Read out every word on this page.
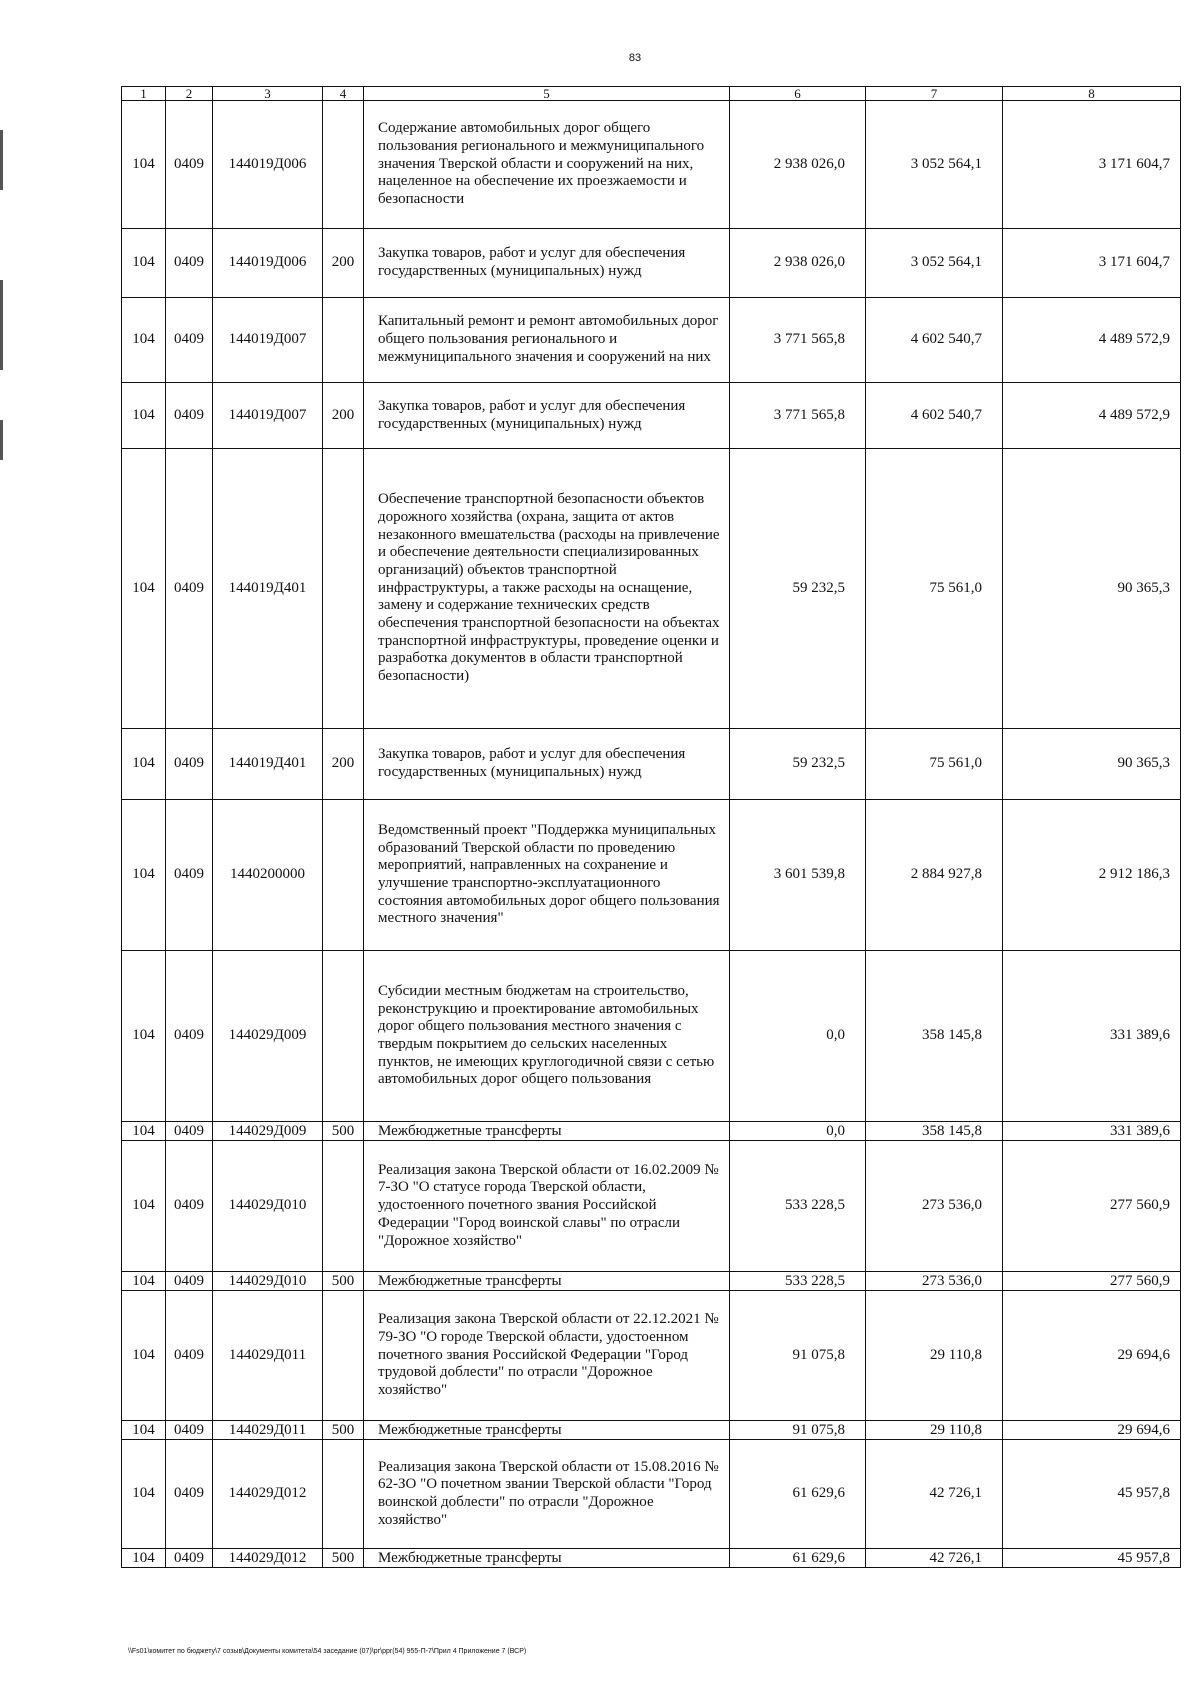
83
1	2	3	4	5	6	7	8
104	0409	144019Д006		Содержание автомобильных дорог общего пользования регионального и межмуниципального значения Тверской области и сооружений на них, нацеленное на обеспечение их проезжаемости и безопасности	2 938 026,0	3 052 564,1	3 171 604,7
104	0409	144019Д006	200	Закупка товаров, работ и услуг для обеспечения государственных (муниципальных) нужд	2 938 026,0	3 052 564,1	3 171 604,7
104	0409	144019Д007		Капитальный ремонт и ремонт автомобильных дорог общего пользования регионального и межмуниципального значения и сооружений на них	3 771 565,8	4 602 540,7	4 489 572,9
104	0409	144019Д007	200	Закупка товаров, работ и услуг для обеспечения государственных (муниципальных) нужд	3 771 565,8	4 602 540,7	4 489 572,9
104	0409	144019Д401		Обеспечение транспортной безопасности объектов дорожного хозяйства (охрана, защита от актов незаконного вмешательства (расходы на привлечение и обеспечение деятельности специализированных организаций) объектов транспортной инфраструктуры, а также расходы на оснащение, замену и содержание технических средств обеспечения транспортной безопасности на объектах транспортной инфраструктуры, проведение оценки и разработка документов в области транспортной безопасности)	59 232,5	75 561,0	90 365,3
104	0409	144019Д401	200	Закупка товаров, работ и услуг для обеспечения государственных (муниципальных) нужд	59 232,5	75 561,0	90 365,3
104	0409	1440200000		Ведомственный проект "Поддержка муниципальных образований Тверской области по проведению мероприятий, направленных на сохранение и улучшение транспортно-эксплуатационного состояния автомобильных дорог общего пользования местного значения"	3 601 539,8	2 884 927,8	2 912 186,3
104	0409	144029Д009		Субсидии местным бюджетам на строительство, реконструкцию и проектирование автомобильных дорог общего пользования местного значения с твердым покрытием до сельских населенных пунктов, не имеющих круглогодичной связи с сетью автомобильных дорог общего пользования	0,0	358 145,8	331 389,6
104	0409	144029Д009	500	Межбюджетные трансферты	0,0	358 145,8	331 389,6
104	0409	144029Д010		Реализация закона Тверской области от 16.02.2009 № 7-ЗО "О статусе города Тверской области, удостоенного почетного звания Российской Федерации "Город воинской славы" по отрасли "Дорожное хозяйство"	533 228,5	273 536,0	277 560,9
104	0409	144029Д010	500	Межбюджетные трансферты	533 228,5	273 536,0	277 560,9
104	0409	144029Д011		Реализация закона Тверской области от 22.12.2021 № 79-ЗО "О городе Тверской области, удостоенном почетного звания Российской Федерации "Город трудовой доблести" по отрасли "Дорожное хозяйство"	91 075,8	29 110,8	29 694,6
104	0409	144029Д011	500	Межбюджетные трансферты	91 075,8	29 110,8	29 694,6
104	0409	144029Д012		Реализация закона Тверской области от 15.08.2016 № 62-ЗО "О почетном звании Тверской области "Город воинской доблести" по отрасли "Дорожное хозяйство"	61 629,6	42 726,1	45 957,8
104	0409	144029Д012	500	Межбюджетные трансферты	61 629,6	42 726,1	45 957,8
\\Fs01\комитет по бюджету\7 созыв\Документы комитета\54 заседание (07)\рг\ppr(54) 955-П-7\Прил 4 Приложение 7 (ВСР)
